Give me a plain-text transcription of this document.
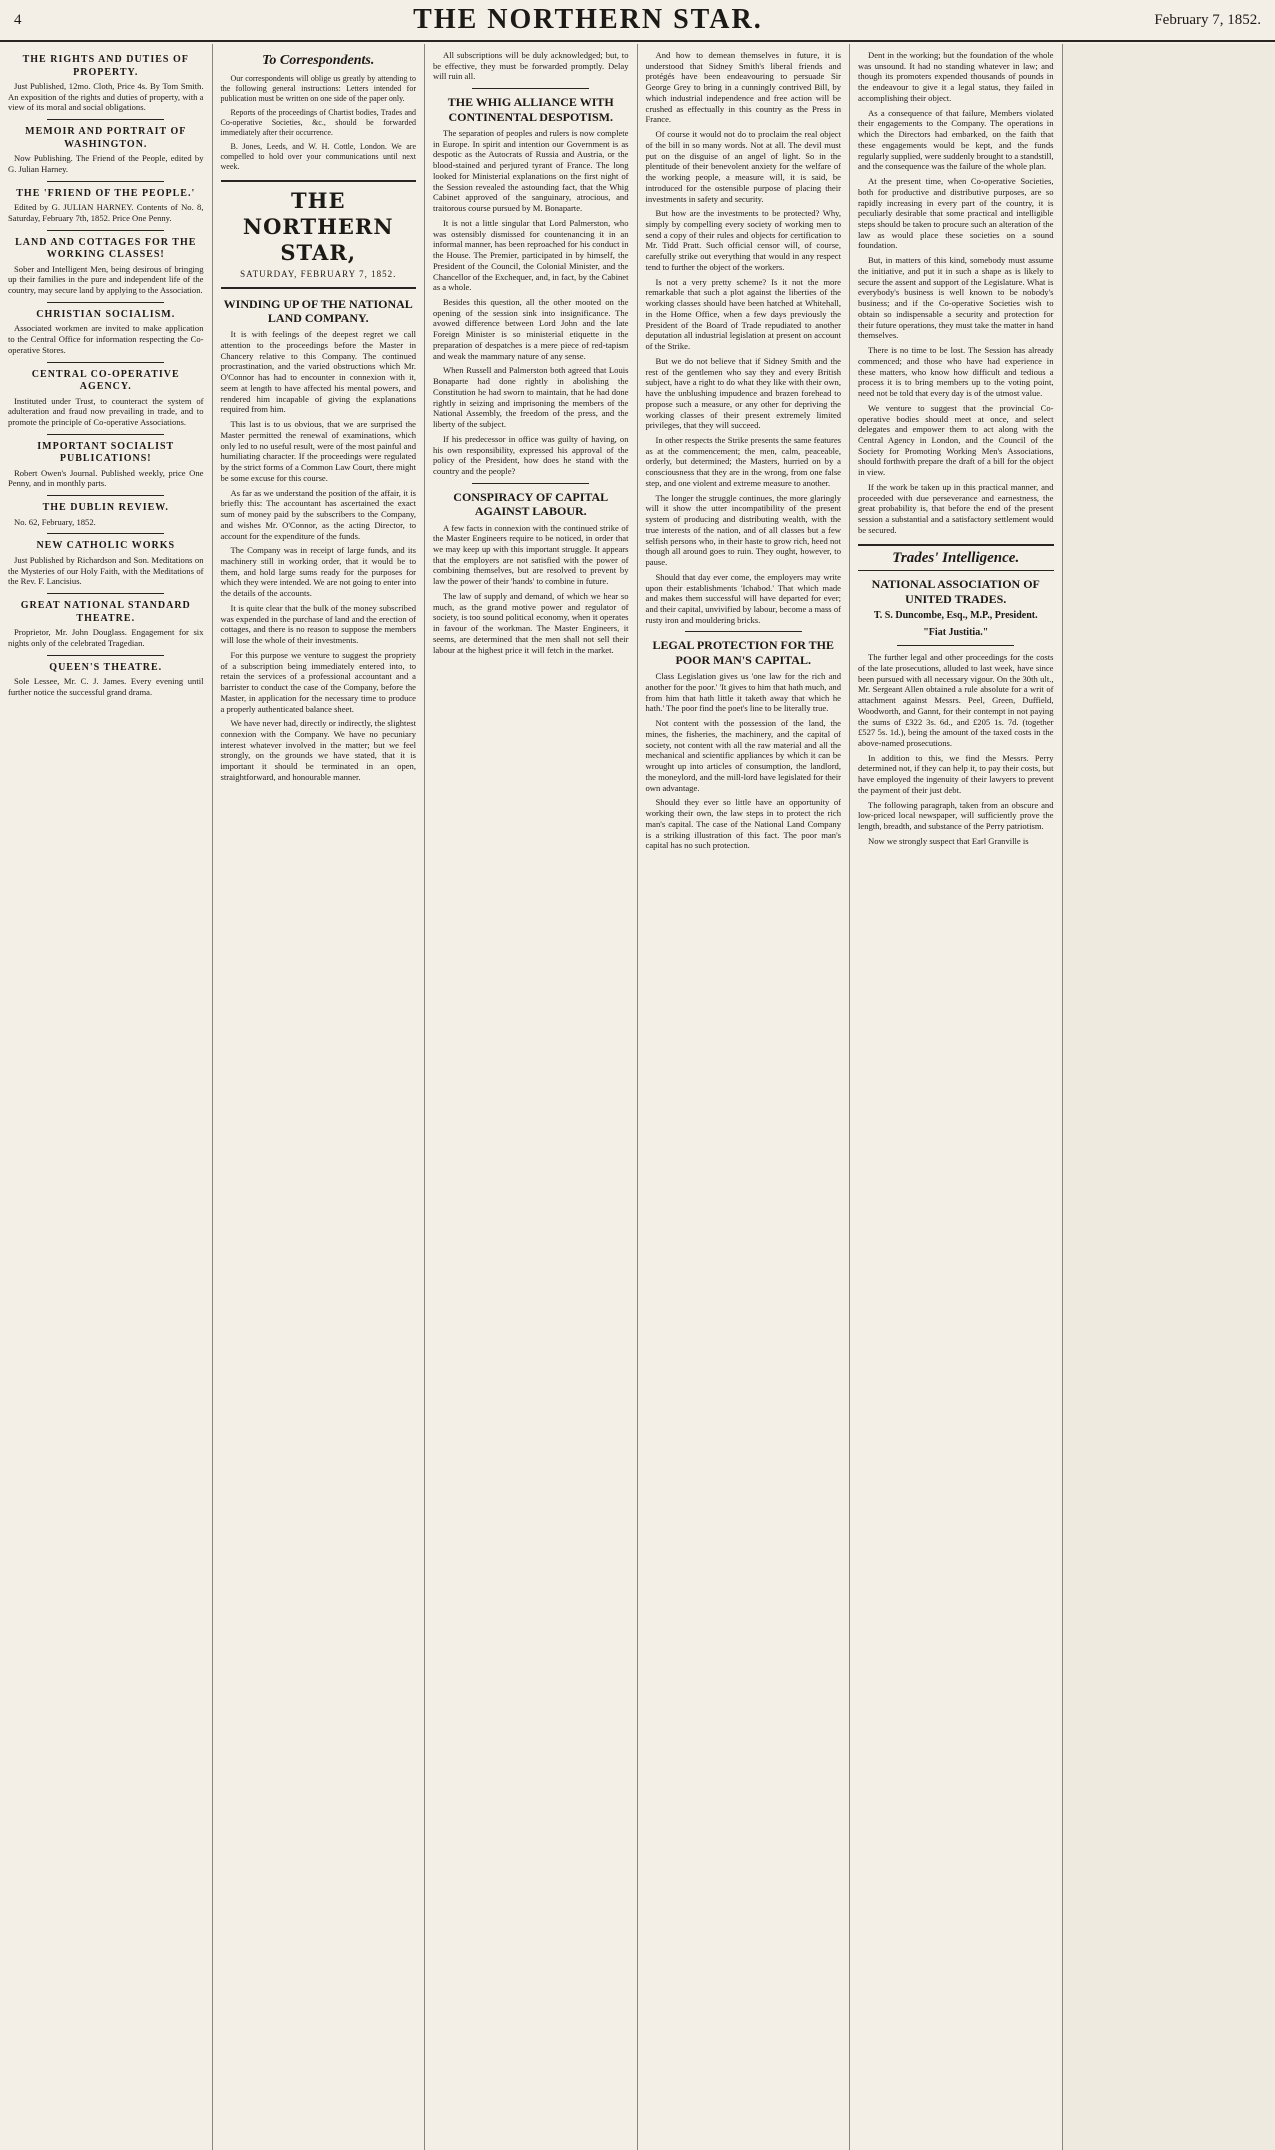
4	THE NORTHERN STAR.	February 7, 1852.
THE RIGHTS AND DUTIES OF PROPERTY.

Just Published, 12mo. Cloth, Price 4s. By Tom Smith. An exposition of the rights and duties of property, with a view of its moral and social obligations.

MEMOIR AND PORTRAIT OF WASHINGTON.

Now Publishing. The Friend of the People, edited by G. Julian Harney.

THE 'FRIEND OF THE PEOPLE.'

Edited by G. JULIAN HARNEY. Contents of No. 8, Saturday, February 7th, 1852. Price One Penny.

LAND AND COTTAGES FOR THE WORKING CLASSES!

Sober and Intelligent Men, being desirous of bringing up their families in the pure and independent life of the country, may secure land by applying to the Association.

CHRISTIAN SOCIALISM.

Associated workmen are invited to make application to the Central Office for information respecting the Co-operative Stores.

CENTRAL CO-OPERATIVE AGENCY.

Instituted under Trust, to counteract the system of adulteration and fraud now prevailing in trade, and to promote the principle of Co-operative Associations.

IMPORTANT SOCIALIST PUBLICATIONS!

Robert Owen's Journal. Published weekly, price One Penny, and in monthly parts.

THE DUBLIN REVIEW.

No. 62, February, 1852.

NEW CATHOLIC WORKS

Just Published by Richardson and Son. Meditations on the Mysteries of our Holy Faith, with the Meditations of the Rev. F. Lancisius.

GREAT NATIONAL STANDARD THEATRE.

Proprietor, Mr. John Douglass. Engagement for six nights only of the celebrated Tragedian.

QUEEN'S THEATRE.

Sole Lessee, Mr. C. J. James. Every evening until further notice the successful grand drama.

To Correspondents.

Our correspondents will oblige us greatly by attending to the following general instructions: Letters intended for publication must be written on one side of the paper only.

Reports of the proceedings of Chartist bodies, Trades and Co-operative Societies, &c., should be forwarded immediately after their occurrence.

B. Jones, Leeds, and W. H. Cottle, London. We are compelled to hold over your communications until next week.

THE NORTHERN STAR,
SATURDAY, FEBRUARY 7, 1852.
WINDING UP OF THE NATIONAL LAND COMPANY.

It is with feelings of the deepest regret we call attention to the proceedings before the Master in Chancery relative to this Company. The continued procrastination, and the varied obstructions which Mr. O'Connor has had to encounter in connexion with it, seem at length to have affected his mental powers, and rendered him incapable of giving the explanations required from him.

This last is to us obvious, that we are surprised the Master permitted the renewal of examinations, which only led to no useful result, were of the most painful and humiliating character. If the proceedings were regulated by the strict forms of a Common Law Court, there might be some excuse for this course.

As far as we understand the position of the affair, it is briefly this: The accountant has ascertained the exact sum of money paid by the subscribers to the Company, and wishes Mr. O'Connor, as the acting Director, to account for the expenditure of the funds.

The Company was in receipt of large funds, and its machinery still in working order, that it would be to them, and hold large sums ready for the purposes for which they were intended. We are not going to enter into the details of the accounts.

It is quite clear that the bulk of the money subscribed was expended in the purchase of land and the erection of cottages, and there is no reason to suppose the members will lose the whole of their investments.

For this purpose we venture to suggest the propriety of a subscription being immediately entered into, to retain the services of a professional accountant and a barrister to conduct the case of the Company, before the Master, in application for the necessary time to produce a properly authenticated balance sheet.

We have never had, directly or indirectly, the slightest connexion with the Company. We have no pecuniary interest whatever involved in the matter; but we feel strongly, on the grounds we have stated, that it is important it should be terminated in an open, straightforward, and honourable manner.

All subscriptions will be duly acknowledged; but, to be effective, they must be forwarded promptly. Delay will ruin all.

THE WHIG ALLIANCE WITH CONTINENTAL DESPOTISM.

The separation of peoples and rulers is now complete in Europe. In spirit and intention our Government is as despotic as the Autocrats of Russia and Austria, or the blood-stained and perjured tyrant of France. The long looked for Ministerial explanations on the first night of the Session revealed the astounding fact, that the Whig Cabinet approved of the sanguinary, atrocious, and traitorous course pursued by M. Bonaparte.

It is not a little singular that Lord Palmerston, who was ostensibly dismissed for countenancing it in an informal manner, has been reproached for his conduct in the House. The Premier, participated in by himself, the President of the Council, the Colonial Minister, and the Chancellor of the Exchequer, and, in fact, by the Cabinet as a whole.

Besides this question, all the other mooted on the opening of the session sink into insignificance. The avowed difference between Lord John and the late Foreign Minister is so ministerial etiquette in the preparation of despatches is a mere piece of red-tapism and weak the mammary nature of any sense.

When Russell and Palmerston both agreed that Louis Bonaparte had done rightly in abolishing the Constitution he had sworn to maintain, that he had done rightly in seizing and imprisoning the members of the National Assembly, the freedom of the press, and the liberty of the subject.

If his predecessor in office was guilty of having, on his own responsibility, expressed his approval of the policy of the President, how does he stand with the country and the people?

CONSPIRACY OF CAPITAL AGAINST LABOUR.

A few facts in connexion with the continued strike of the Master Engineers require to be noticed, in order that we may keep up with this important struggle. It appears that the employers are not satisfied with the power of combining themselves, but are resolved to prevent by law the power of their 'hands' to combine in future.

The law of supply and demand, of which we hear so much, as the grand motive power and regulator of society, is too sound political economy, when it operates in favour of the workman. The Master Engineers, it seems, are determined that the men shall not sell their labour at the highest price it will fetch in the market.

And how to demean themselves in future, it is understood that Sidney Smith's liberal friends and protégés have been endeavouring to persuade Sir George Grey to bring in a cunningly contrived Bill, by which industrial independence and free action will be crushed as effectually in this country as the Press in France.

Of course it would not do to proclaim the real object of the bill in so many words. Not at all. The devil must put on the disguise of an angel of light. So in the plentitude of their benevolent anxiety for the welfare of the working people, a measure will, it is said, be introduced for the ostensible purpose of placing their investments in safety and security.

But how are the investments to be protected? Why, simply by compelling every society of working men to send a copy of their rules and objects for certification to Mr. Tidd Pratt. Such official censor will, of course, carefully strike out everything that would in any respect tend to further the object of the workers.

Is not a very pretty scheme? Is it not the more remarkable that such a plot against the liberties of the working classes should have been hatched at Whitehall, in the Home Office, when a few days previously the President of the Board of Trade repudiated to another deputation all industrial legislation at present on account of the Strike.

But we do not believe that if Sidney Smith and the rest of the gentlemen who say they and every British subject, have a right to do what they like with their own, have the unblushing impudence and brazen forehead to propose such a measure, or any other for depriving the working classes of their present extremely limited privileges, that they will succeed.

In other respects the Strike presents the same features as at the commencement; the men, calm, peaceable, orderly, but determined; the Masters, hurried on by a consciousness that they are in the wrong, from one false step, and one violent and extreme measure to another.

The longer the struggle continues, the more glaringly will it show the utter incompatibility of the present system of producing and distributing wealth, with the true interests of the nation, and of all classes but a few selfish persons who, in their haste to grow rich, heed not though all around goes to ruin. They ought, however, to pause.

Should that day ever come, the employers may write upon their establishments 'Ichabod.' That which made and makes them successful will have departed for ever; and their capital, unvivified by labour, become a mass of rusty iron and mouldering bricks.

LEGAL PROTECTION FOR THE POOR MAN'S CAPITAL.

Class Legislation gives us 'one law for the rich and another for the poor.' 'It gives to him that hath much, and from him that hath little it taketh away that which he hath.' The poor find the poet's line to be literally true.

Not content with the possession of the land, the mines, the fisheries, the machinery, and the capital of society, not content with all the raw material and all the mechanical and scientific appliances by which it can be wrought up into articles of consumption, the landlord, the moneylord, and the mill-lord have legislated for their own advantage.

Should they ever so little have an opportunity of working their own, the law steps in to protect the rich man's capital. The case of the National Land Company is a striking illustration of this fact. The poor man's capital has no such protection.

Dent in the working; but the foundation of the whole was unsound. It had no standing whatever in law; and though its promoters expended thousands of pounds in the endeavour to give it a legal status, they failed in accomplishing their object.

As a consequence of that failure, Members violated their engagements to the Company. The operations in which the Directors had embarked, on the faith that these engagements would be kept, and the funds regularly supplied, were suddenly brought to a standstill, and the consequence was the failure of the whole plan.

At the present time, when Co-operative Societies, both for productive and distributive purposes, are so rapidly increasing in every part of the country, it is peculiarly desirable that some practical and intelligible steps should be taken to procure such an alteration of the law as would place these societies on a sound foundation.

But, in matters of this kind, somebody must assume the initiative, and put it in such a shape as is likely to secure the assent and support of the Legislature. What is everybody's business is well known to be nobody's business; and if the Co-operative Societies wish to obtain so indispensable a security and protection for their future operations, they must take the matter in hand themselves.

There is no time to be lost. The Session has already commenced; and those who have had experience in these matters, who know how difficult and tedious a process it is to bring members up to the voting point, need not be told that every day is of the utmost value.

We venture to suggest that the provincial Co-operative bodies should meet at once, and select delegates and empower them to act along with the Central Agency in London, and the Council of the Society for Promoting Working Men's Associations, should forthwith prepare the draft of a bill for the object in view.

If the work be taken up in this practical manner, and proceeded with due perseverance and earnestness, the great probability is, that before the end of the present session a substantial and a satisfactory settlement would be secured.

Trades' Intelligence.
NATIONAL ASSOCIATION OF UNITED TRADES.
T. S. Duncombe, Esq., M.P., President.
"Fiat Justitia."

The further legal and other proceedings for the costs of the late prosecutions, alluded to last week, have since been pursued with all necessary vigour. On the 30th ult., Mr. Sergeant Allen obtained a rule absolute for a writ of attachment against Messrs. Peel, Green, Duffield, Woodworth, and Gannt, for their contempt in not paying the sums of £322 3s. 6d., and £205 1s. 7d. (together £527 5s. 1d.), being the amount of the taxed costs in the above-named prosecutions.

In addition to this, we find the Messrs. Perry determined not, if they can help it, to pay their costs, but have employed the ingenuity of their lawyers to prevent the payment of their just debt.

The following paragraph, taken from an obscure and low-priced local newspaper, will sufficiently prove the length, breadth, and substance of the Perry patriotism.

Now we strongly suspect that Earl Granville is
